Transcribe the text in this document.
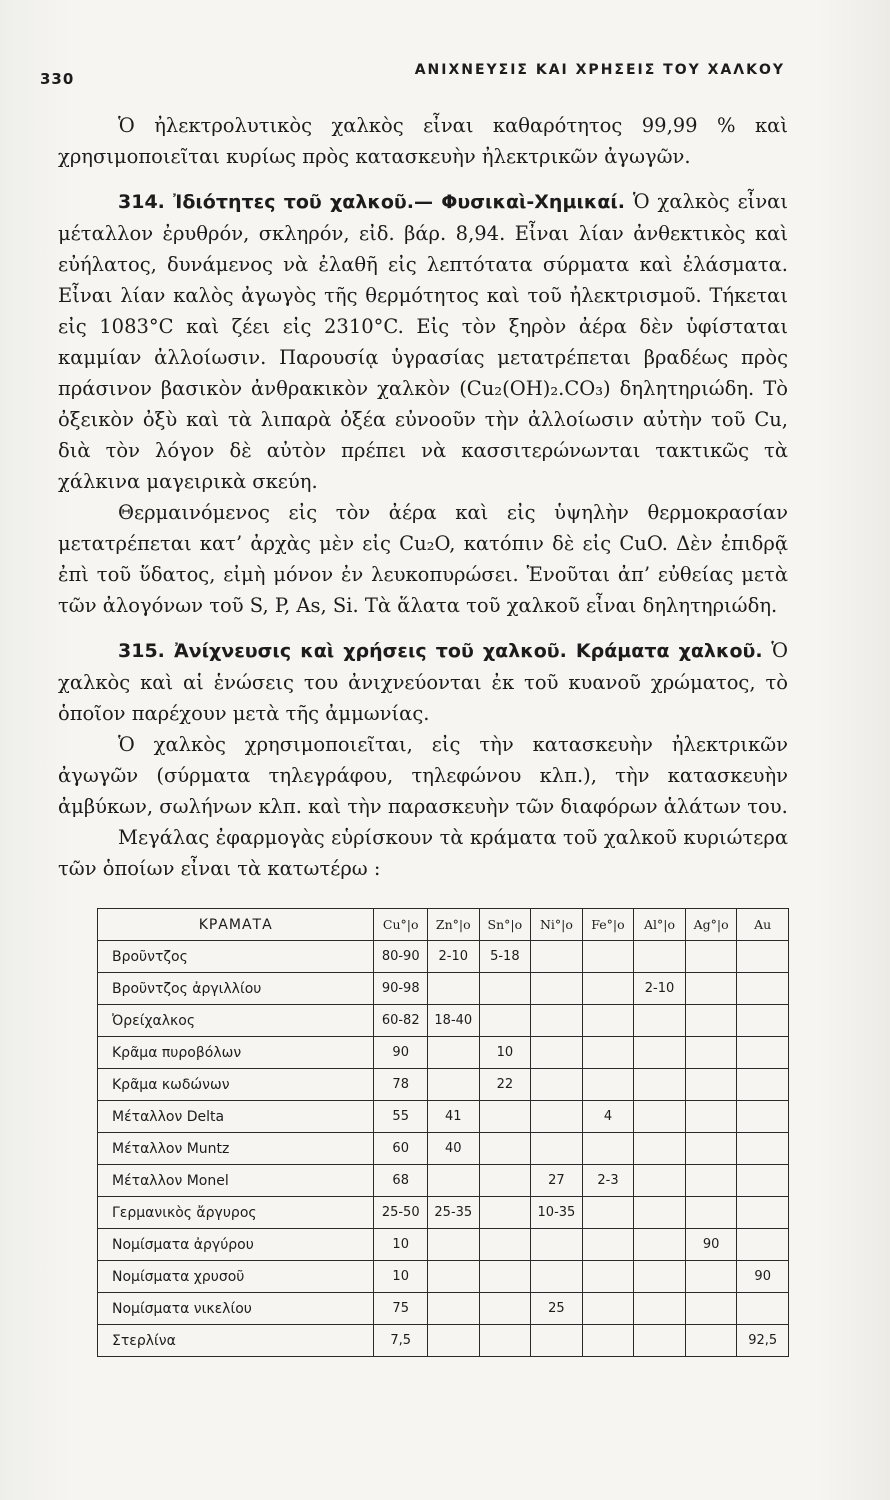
330	ΑΝΙΧΝΕΥΣΙΣ ΚΑΙ ΧΡΗΣΕΙΣ ΤΟΥ ΧΑΛΚΟΥ

Ὁ ἠλεκτρολυτικὸς χαλκὸς εἶναι καθαρότητος 99,99 % καὶ χρησιμοποιεῖται κυρίως πρὸς κατασκευὴν ἠλεκτρικῶν ἀγωγῶν.

314. Ἰδιότητες τοῦ χαλκοῦ.— Φυσικαὶ-Χημικαί. Ὁ χαλκὸς εἶναι μέταλλον ἐρυθρόν, σκληρόν, εἰδ. βάρ. 8,94. Εἶναι λίαν ἀνθεκτικὸς καὶ εὐήλατος, δυνάμενος νὰ ἐλαθῆ εἰς λεπτότατα σύρματα καὶ ἐλάσματα. Εἶναι λίαν καλὸς ἀγωγὸς τῆς θερμότητος καὶ τοῦ ἠλεκτρισμοῦ. Τήκεται εἰς 1083°C καὶ ζέει εἰς 2310°C. Εἰς τὸν ξηρὸν ἀέρα δὲν ὑφίσταται καμμίαν ἀλλοίωσιν. Παρουσίᾳ ὑγρασίας μετατρέπεται βραδέως πρὸς πράσινον βασικὸν ἀνθρακικὸν χαλκὸν (Cu₂(OH)₂.CO₃) δηλητηριώδη. Τὸ ὀξεικὸν ὀξὺ καὶ τὰ λιπαρὰ ὀξέα εὐνοοῦν τὴν ἀλλοίωσιν αὐτὴν τοῦ Cu, διὰ τὸν λόγον δὲ αὐτὸν πρέπει νὰ κασσιτερώνωνται τακτικῶς τὰ χάλκινα μαγειρικὰ σκεύη.

Θερμαινόμενος εἰς τὸν ἀέρα καὶ εἰς ὑψηλὴν θερμοκρασίαν μετατρέπεται κατ’ ἀρχὰς μὲν εἰς Cu₂O, κατόπιν δὲ εἰς CuO. Δὲν ἐπιδρᾷ ἐπὶ τοῦ ὕδατος, εἰμὴ μόνον ἐν λευκοπυρώσει. Ἑνοῦται ἀπ’ εὐθείας μετὰ τῶν ἀλογόνων τοῦ S, P, As, Si. Τὰ ἅλατα τοῦ χαλκοῦ εἶναι δηλητηριώδη.

315. Ἀνίχνευσις καὶ χρήσεις τοῦ χαλκοῦ. Κράματα χαλκοῦ. Ὁ χαλκὸς καὶ αἱ ἑνώσεις του ἀνιχνεύονται ἐκ τοῦ κυανοῦ χρώματος, τὸ ὁποῖον παρέχουν μετὰ τῆς ἀμμωνίας.

Ὁ χαλκὸς χρησιμοποιεῖται, εἰς τὴν κατασκευὴν ἠλεκτρικῶν ἀγωγῶν (σύρματα τηλεγράφου, τηλεφώνου κλπ.), τὴν κατασκευὴν ἀμβύκων, σωλήνων κλπ. καὶ τὴν παρασκευὴν τῶν διαφόρων ἁλάτων του.

Μεγάλας ἐφαρμογὰς εὑρίσκουν τὰ κράματα τοῦ χαλκοῦ κυριώτερα τῶν ὁποίων εἶναι τὰ κατωτέρω :

ΚΡΑΜΑΤΑ	Cu°|o	Zn°|o	Sn°|o	Ni°|o	Fe°|o	Al°|o	Ag°|o	Au
Βροῦντζος	80-90	2-10	5-18					
Βροῦντζος ἀργιλλίου	90-98					2-10		
Ὀρείχαλκος	60-82	18-40						
Κρᾶμα πυροβόλων	90		10					
Κρᾶμα κωδώνων	78		22					
Μέταλλον Delta	55	41			4			
Μέταλλον Muntz	60	40						
Μέταλλον Monel	68			27	2-3			
Γερμανικὸς ἄργυρος	25-50	25-35		10-35				
Νομίσματα ἀργύρου	10						90	
Νομίσματα χρυσοῦ	10							90
Νομίσματα νικελίου	75			25				
Στερλίνα	7,5							92,5
